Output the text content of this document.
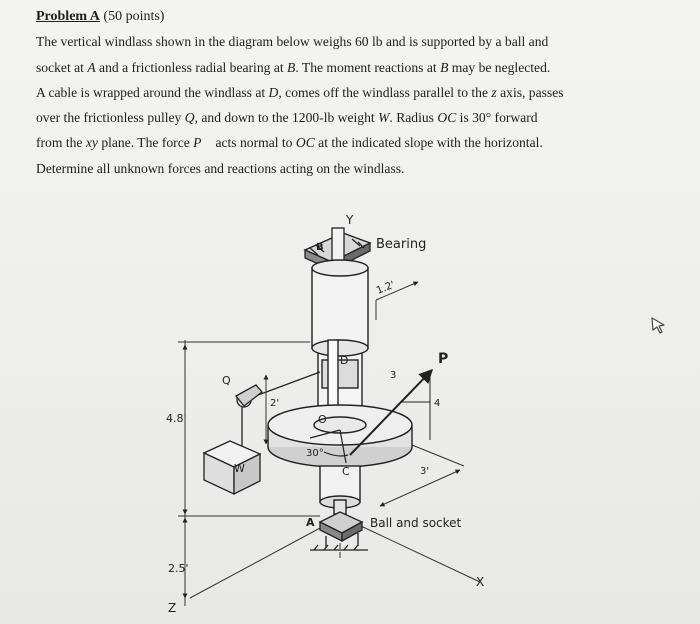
Problem A (50 points)

The vertical windlass shown in the diagram below weighs 60 lb and is supported by a ball and

socket at A and a frictionless radial bearing at B. The moment reactions at B may be neglected.

A cable is wrapped around the windlass at D, comes off the windlass parallel to the z axis, passes

over the frictionless pulley Q, and down to the 1200-lb weight W. Radius OC is 30° forward

from the xy plane. The force P⃗ acts normal to OC at the indicated slope with the horizontal.

Determine all unknown forces and reactions acting on the windlass.

Y
Z
X
Bearing
Ball and socket
B
A
C
D
O
Q
W
P
1.2'
4.8'
2.5'
2'
3
4
3'
30°
